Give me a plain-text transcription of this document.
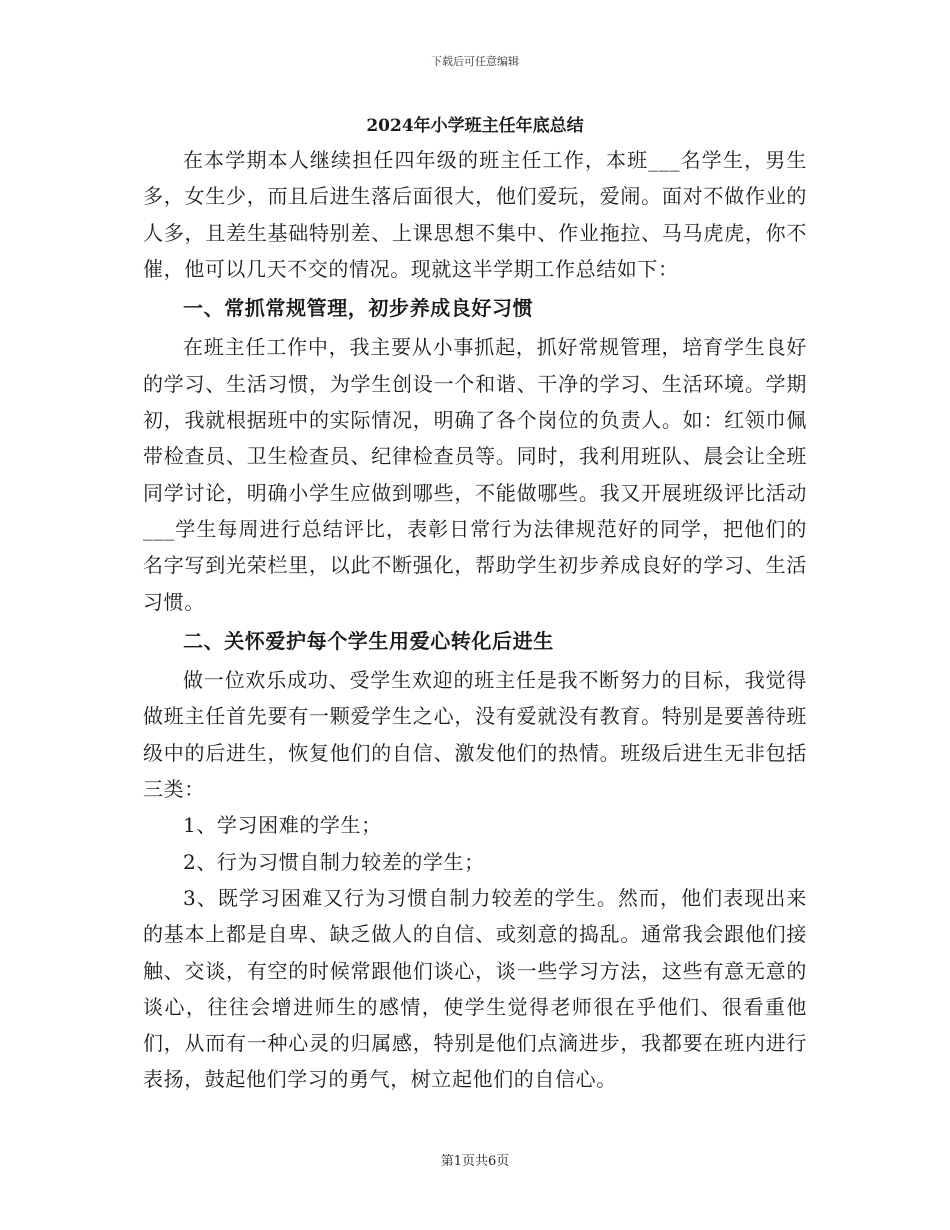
下载后可任意编辑
2024年小学班主任年底总结

在本学期本人继续担任四年级的班主任工作，本班___名学生，男生多，女生少，而且后进生落后面很大，他们爱玩，爱闹。面对不做作业的人多，且差生基础特别差、上课思想不集中、作业拖拉、马马虎虎，你不催，他可以几天不交的情况。现就这半学期工作总结如下：

一、常抓常规管理，初步养成良好习惯

在班主任工作中，我主要从小事抓起，抓好常规管理，培育学生良好的学习、生活习惯，为学生创设一个和谐、干净的学习、生活环境。学期初，我就根据班中的实际情况，明确了各个岗位的负责人。如：红领巾佩带检查员、卫生检查员、纪律检查员等。同时，我利用班队、晨会让全班同学讨论，明确小学生应做到哪些，不能做哪些。我又开展班级评比活动___学生每周进行总结评比，表彰日常行为法律规范好的同学，把他们的名字写到光荣栏里，以此不断强化，帮助学生初步养成良好的学习、生活习惯。

二、关怀爱护每个学生用爱心转化后进生

做一位欢乐成功、受学生欢迎的班主任是我不断努力的目标，我觉得做班主任首先要有一颗爱学生之心，没有爱就没有教育。特别是要善待班级中的后进生，恢复他们的自信、激发他们的热情。班级后进生无非包括三类：

1、学习困难的学生；

2、行为习惯自制力较差的学生；

3、既学习困难又行为习惯自制力较差的学生。然而，他们表现出来的基本上都是自卑、缺乏做人的自信、或刻意的捣乱。通常我会跟他们接触、交谈，有空的时候常跟他们谈心，谈一些学习方法，这些有意无意的谈心，往往会增进师生的感情，使学生觉得老师很在乎他们、很看重他们，从而有一种心灵的归属感，特别是他们点滴进步，我都要在班内进行表扬，鼓起他们学习的勇气，树立起他们的自信心。

第1页共6页
